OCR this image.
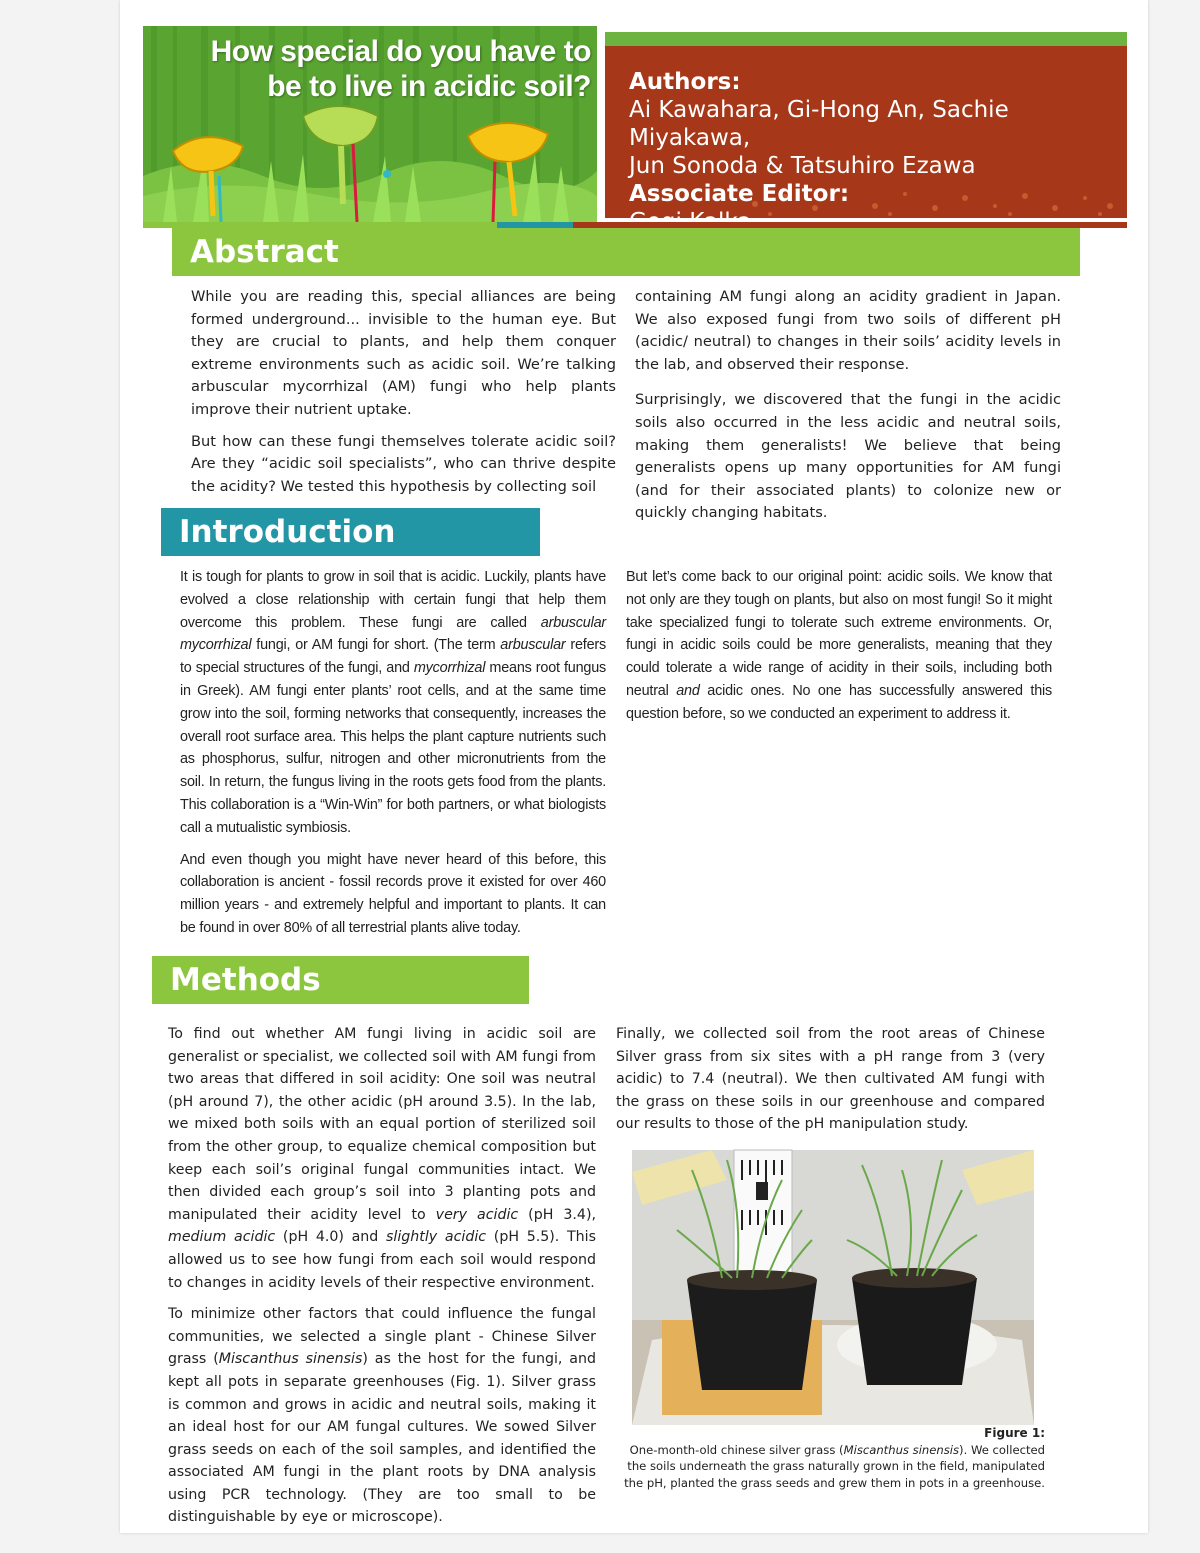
How special do you have to be to live in acidic soil? Authors:
Ai Kawahara, Gi-Hong An, Sachie Miyakawa,
Jun Sonoda & Tatsuhiro Ezawa
Associate Editor:
Abstract

While you are reading this, special alliances are being formed underground... invisible to the human eye. But they are crucial to plants, and help them conquer extreme environments such as acidic soil. We’re talking arbuscular mycorrhizal (AM) fungi who help plants improve their nutrient uptake.

But how can these fungi themselves tolerate acidic soil? Are they “acidic soil specialists”, who can thrive despite the acidity? We tested this hypothesis by collecting soil

containing AM fungi along an acidity gradient in Japan. We also exposed fungi from two soils of different pH (acidic/ neutral) to changes in their soils’ acidity levels in the lab, and observed their response.

Surprisingly, we discovered that the fungi in the acidic soils also occurred in the less acidic and neutral soils, making them generalists! We believe that being generalists opens up many opportunities for AM fungi (and for their associated plants) to colonize new or quickly changing habitats.

Introduction

It is tough for plants to grow in soil that is acidic. Luckily, plants have evolved a close relationship with certain fungi that help them overcome this problem. These fungi are called arbuscular mycorrhizal fungi, or AM fungi for short. (The term arbuscular refers to special structures of the fungi, and mycorrhizal means root fungus in Greek). AM fungi enter plants’ root cells, and at the same time grow into the soil, forming networks that consequently, increases the overall root surface area. This helps the plant capture nutrients such as phosphorus, sulfur, nitrogen and other micronutrients from the soil. In return, the fungus living in the roots gets food from the plants. This collaboration is a “Win-Win” for both partners, or what biologists call a mutualistic symbiosis.

And even though you might have never heard of this before, this collaboration is ancient - fossil records prove it existed for over 460 million years - and extremely helpful and important to plants. It can be found in over 80% of all terrestrial plants alive today.

But let’s come back to our original point: acidic soils. We know that not only are they tough on plants, but also on most fungi! So it might take specialized fungi to tolerate such extreme environments. Or, fungi in acidic soils could be more generalists, meaning that they could tolerate a wide range of acidity in their soils, including both neutral and acidic ones. No one has successfully answered this question before, so we conducted an experiment to address it.

Methods

To find out whether AM fungi living in acidic soil are generalist or specialist, we collected soil with AM fungi from two areas that differed in soil acidity: One soil was neutral (pH around 7), the other acidic (pH around 3.5). In the lab, we mixed both soils with an equal portion of sterilized soil from the other group, to equalize chemical composition but keep each soil’s original fungal communities intact. We then divided each group’s soil into 3 planting pots and manipulated their acidity level to very acidic (pH 3.4), medium acidic (pH 4.0) and slightly acidic (pH 5.5). This allowed us to see how fungi from each soil would respond to changes in acidity levels of their respective environment.

To minimize other factors that could influence the fungal communities, we selected a single plant - Chinese Silver grass (Miscanthus sinensis) as the host for the fungi, and kept all pots in separate greenhouses (Fig. 1). Silver grass is common and grows in acidic and neutral soils, making it an ideal host for our AM fungal cultures. We sowed Silver grass seeds on each of the soil samples, and identified the associated AM fungi in the plant roots by DNA analysis using PCR technology. (They are too small to be distinguishable by eye or microscope).

Finally, we collected soil from the root areas of Chinese Silver grass from six sites with a pH range from 3 (very acidic) to 7.4 (neutral). We then cultivated AM fungi with the grass on these soils in our greenhouse and compared our results to those of the pH manipulation study.

Figure 1:
One-month-old chinese silver grass (Miscanthus sinensis). We collected the soils underneath the grass naturally grown in the field, manipulated the pH, planted the grass seeds and grew them in pots in a greenhouse.
